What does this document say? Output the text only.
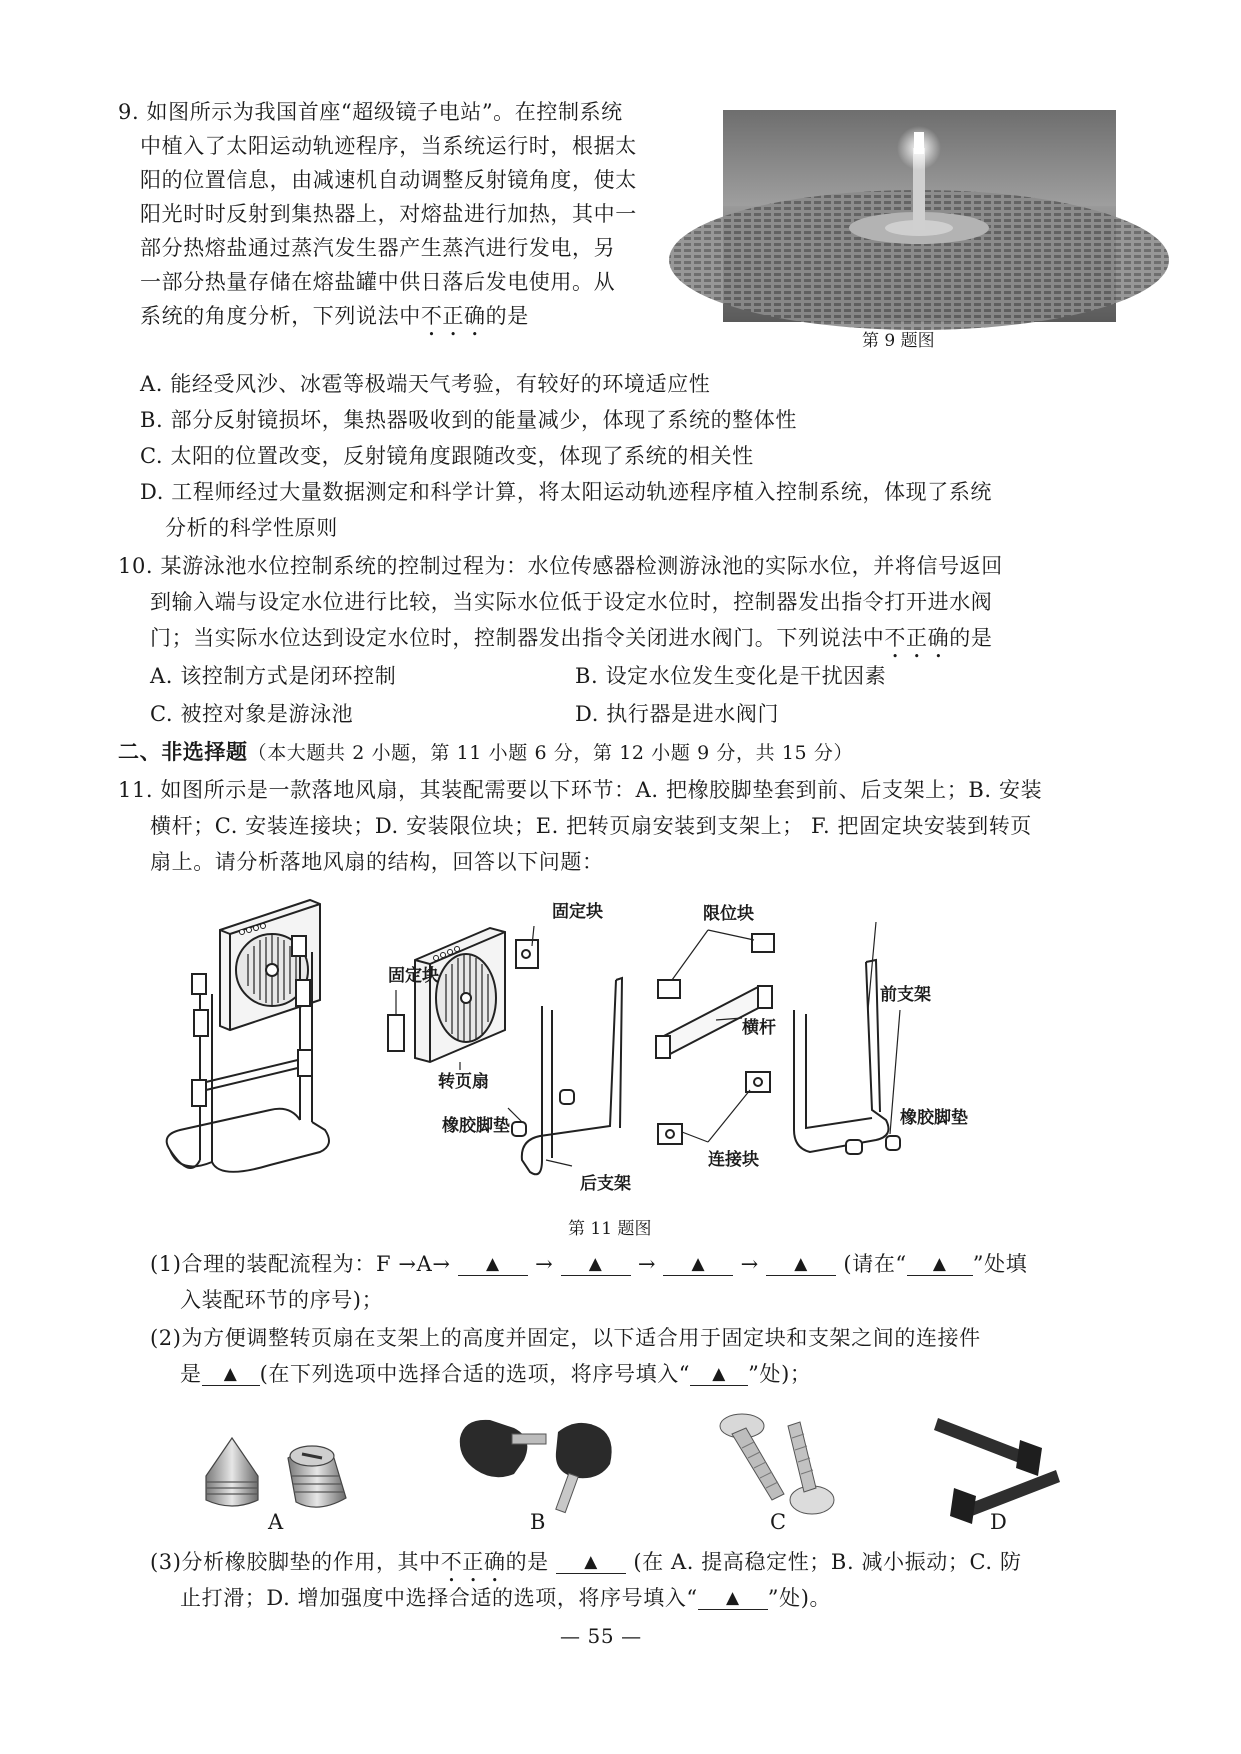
9. 如图所示为我国首座“超级镜子电站”。在控制系统
中植入了太阳运动轨迹程序，当系统运行时，根据太
阳的位置信息，由减速机自动调整反射镜角度，使太
阳光时时反射到集热器上，对熔盐进行加热，其中一
部分热熔盐通过蒸汽发生器产生蒸汽进行发电，另
一部分热量存储在熔盐罐中供日落后发电使用。从
系统的角度分析，下列说法中不正确的是
第 9 题图
A. 能经受风沙、冰雹等极端天气考验，有较好的环境适应性
B. 部分反射镜损坏，集热器吸收到的能量减少，体现了系统的整体性
C. 太阳的位置改变，反射镜角度跟随改变，体现了系统的相关性
D. 工程师经过大量数据测定和科学计算，将太阳运动轨迹程序植入控制系统，体现了系统
分析的科学性原则
10. 某游泳池水位控制系统的控制过程为：水位传感器检测游泳池的实际水位，并将信号返回
到输入端与设定水位进行比较，当实际水位低于设定水位时，控制器发出指令打开进水阀
门；当实际水位达到设定水位时，控制器发出指令关闭进水阀门。下列说法中不正确的是
A. 该控制方式是闭环控制	B. 设定水位发生变化是干扰因素
C. 被控对象是游泳池	D. 执行器是进水阀门
二、非选择题（本大题共 2 小题，第 11 小题 6 分，第 12 小题 9 分，共 15 分）
11. 如图所示是一款落地风扇，其装配需要以下环节：A. 把橡胶脚垫套到前、后支架上；B. 安装
横杆；C. 安装连接块；D. 安装限位块；E. 把转页扇安装到支架上； F. 把固定块安装到转页
扇上。请分析落地风扇的结构，回答以下问题：
固定块
固定块
转页扇
橡胶脚垫
后支架
限位块
横杆
连接块
前支架
橡胶脚垫
第 11 题图
(1)合理的装配流程为：F →A→ ▲ → ▲ → ▲ → ▲ (请在“ ▲ ”处填
入装配环节的序号)；
(2)为方便调整转页扇在支架上的高度并固定，以下适合用于固定块和支架之间的连接件
是 ▲ (在下列选项中选择合适的选项，将序号填入“ ▲ ”处)；
A	B	C	D
(3)分析橡胶脚垫的作用，其中不正确的是 ▲ (在 A. 提高稳定性；B. 减小振动；C. 防
止打滑；D. 增加强度中选择合适的选项，将序号填入“ ▲ ”处)。
— 55 —
